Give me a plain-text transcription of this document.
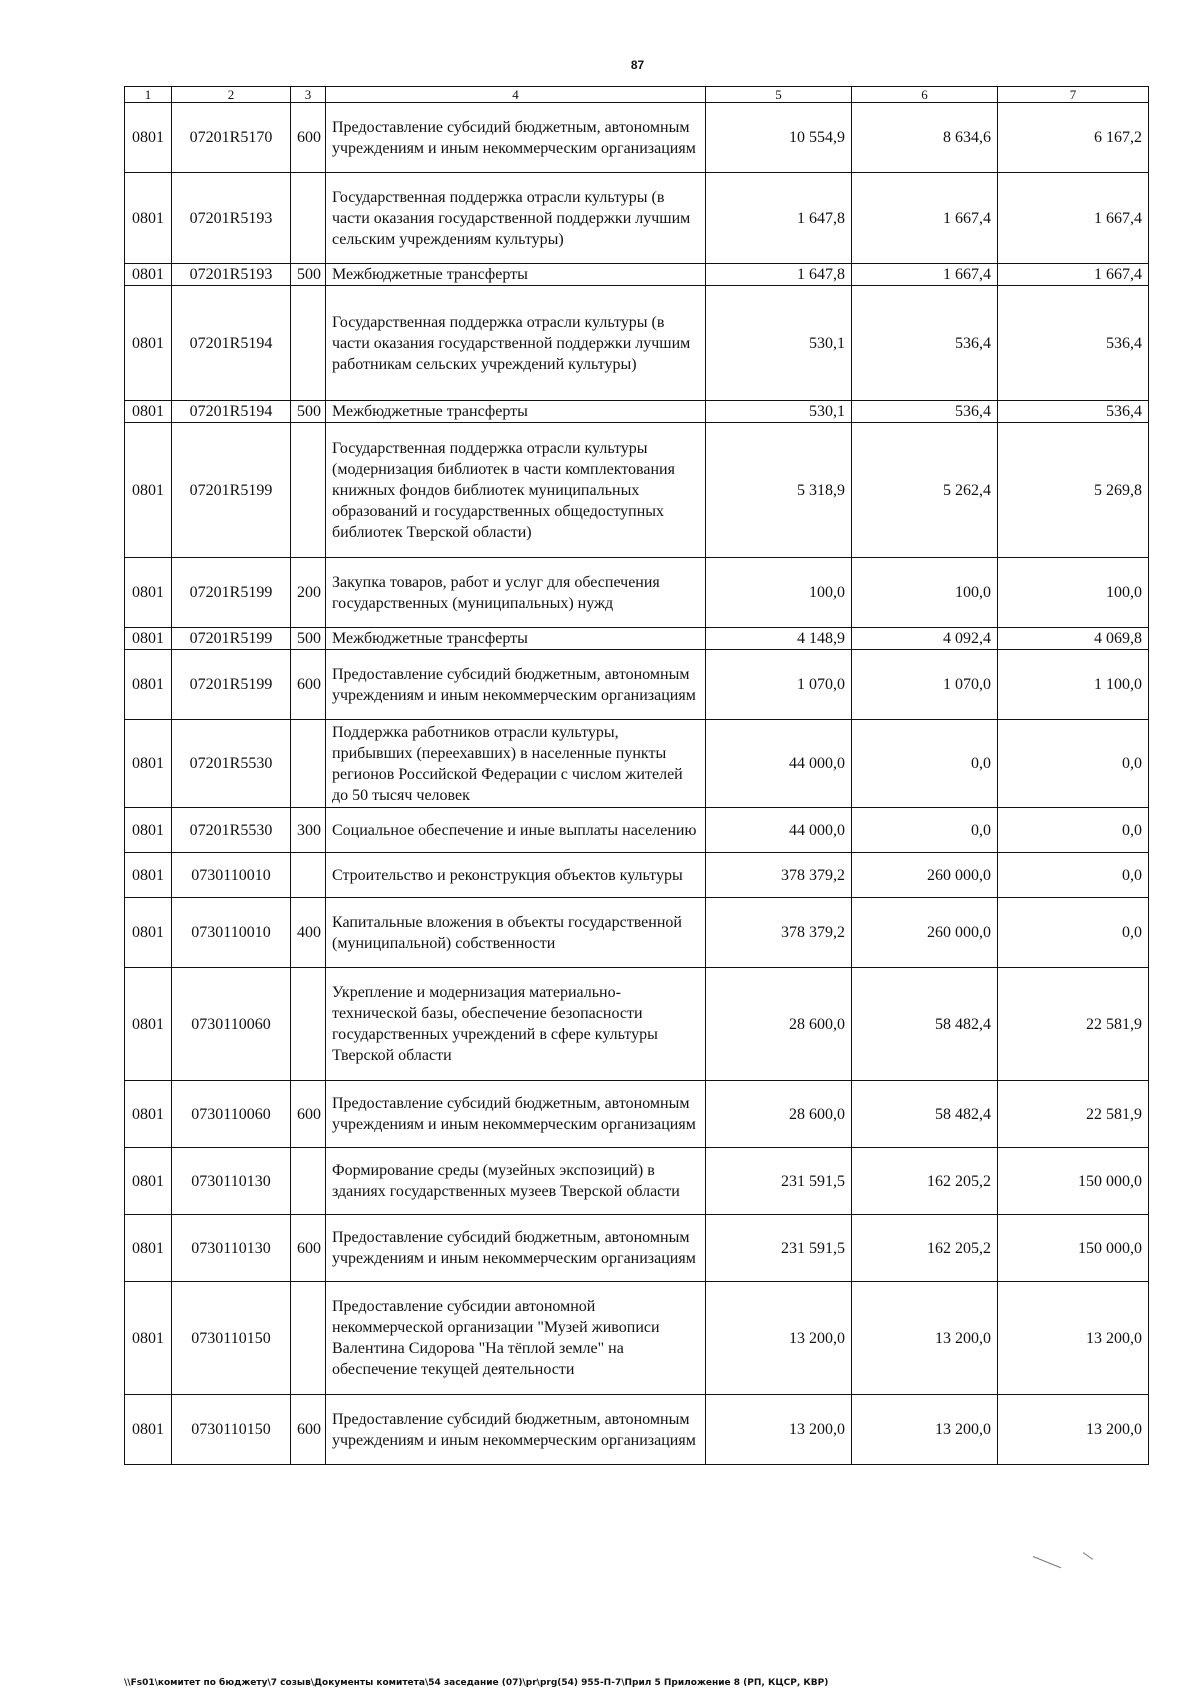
87
1	2	3	4	5	6	7
0801	07201R5170	600	Предоставление субсидий бюджетным, автономным учреждениям и иным некоммерческим организациям	10 554,9	8 634,6	6 167,2
0801	07201R5193		Государственная поддержка отрасли культуры (в части оказания государственной поддержки лучшим сельским учреждениям культуры)	1 647,8	1 667,4	1 667,4
0801	07201R5193	500	Межбюджетные трансферты	1 647,8	1 667,4	1 667,4
0801	07201R5194		Государственная поддержка отрасли культуры (в части оказания государственной поддержки лучшим работникам сельских учреждений культуры)	530,1	536,4	536,4
0801	07201R5194	500	Межбюджетные трансферты	530,1	536,4	536,4
0801	07201R5199		Государственная поддержка отрасли культуры (модернизация библиотек в части комплектования книжных фондов библиотек муниципальных образований и государственных общедоступных библиотек Тверской области)	5 318,9	5 262,4	5 269,8
0801	07201R5199	200	Закупка товаров, работ и услуг для обеспечения государственных (муниципальных) нужд	100,0	100,0	100,0
0801	07201R5199	500	Межбюджетные трансферты	4 148,9	4 092,4	4 069,8
0801	07201R5199	600	Предоставление субсидий бюджетным, автономным учреждениям и иным некоммерческим организациям	1 070,0	1 070,0	1 100,0
0801	07201R5530		Поддержка работников отрасли культуры, прибывших (переехавших) в населенные пункты регионов Российской Федерации с числом жителей до 50 тысяч человек	44 000,0	0,0	0,0
0801	07201R5530	300	Социальное обеспечение и иные выплаты населению	44 000,0	0,0	0,0
0801	0730110010		Строительство и реконструкция объектов культуры	378 379,2	260 000,0	0,0
0801	0730110010	400	Капитальные вложения в объекты государственной (муниципальной) собственности	378 379,2	260 000,0	0,0
0801	0730110060		Укрепление и модернизация материально-технической базы, обеспечение безопасности государственных учреждений в сфере культуры Тверской области	28 600,0	58 482,4	22 581,9
0801	0730110060	600	Предоставление субсидий бюджетным, автономным учреждениям и иным некоммерческим организациям	28 600,0	58 482,4	22 581,9
0801	0730110130		Формирование среды (музейных экспозиций) в зданиях государственных музеев Тверской области	231 591,5	162 205,2	150 000,0
0801	0730110130	600	Предоставление субсидий бюджетным, автономным учреждениям и иным некоммерческим организациям	231 591,5	162 205,2	150 000,0
0801	0730110150		Предоставление субсидии автономной некоммерческой организации "Музей живописи Валентина Сидорова "На тёплой земле" на обеспечение текущей деятельности	13 200,0	13 200,0	13 200,0
0801	0730110150	600	Предоставление субсидий бюджетным, автономным учреждениям и иным некоммерческим организациям	13 200,0	13 200,0	13 200,0
\\Fs01\комитет по бюджету\7 созыв\Документы комитета\54 заседание (07)\pr\prg(54) 955-П-7\Прил 5 Приложение 8 (РП, КЦСР, КВР)
